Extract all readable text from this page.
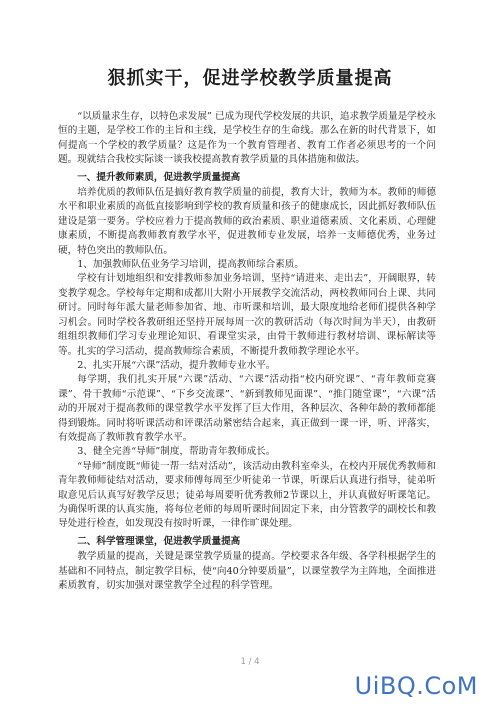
狠抓实干，促进学校教学质量提高

“以质量求生存，以特色求发展” 已成为现代学校发展的共识，追求教学质量是学校永恒的主题，是学校工作的主旨和主线，是学校生存的生命线。那么在新的时代背景下，如何提高一个学校的教学质量？这是作为一个教育管理者、教育工作者必须思考的一个问题。现就结合我校实际谈一谈我校提高教育教学质量的具体措施和做法。

一、提升教师素质，促进教学质量提高

培养优质的教师队伍是搞好教育教学质量的前提，教育大计，教师为本。教师的师德水平和职业素质的高低直接影响到学校的教育质量和孩子的健康成长，因此抓好教师队伍建设是第一要务。学校应着力于提高教师的政治素质、职业道德素质、文化素质、心理健康素质，不断提高教师教育教学水平，促进教师专业发展，培养一支师德优秀，业务过硬，特色突出的教师队伍。

1、加强教师队伍业务学习培训，提高教师综合素质。

学校有计划地组织和安排教师参加业务培训，坚持“请进来、走出去”，开阔眼界，转变教学观念。学校每年定期和成都川大附小开展教学交流活动，两校教师同台上课、共同研讨。同时每年派大量老师参加省、地、市听课和培训，最大限度地给老师们提供各种学习机会。同时学校各教研组还坚持开展每周一次的教研活动（每次时间为半天），由教研组组织教师们学习专业理论知识、看课堂实录，由骨干教师进行教材培训、课标解读等等。扎实的学习活动，提高教师综合素质，不断提升教师教学理论水平。

2、扎实开展“六课”活动，提升教师专业水平。

每学期，我们扎实开展“六课”活动、“六课”活动指“校内研究课”、“青年教师竞赛课”、骨干教师“示范课”、“下乡交流课”、“新到教师见面课”、“推门随堂课”，“六课”活动的开展对于提高教师的课堂教学水平发挥了巨大作用，各种层次、各种年龄的教师都能得到锻炼。同时将听课活动和评课活动紧密结合起来，真正做到一课一评，听、评落实，有效提高了教师教育教学水平。

3、健全完善“导师”制度，帮助青年教师成长。

“导师”制度既“师徒一帮一结对活动”，该活动由教科室牵头，在校内开展优秀教师和青年教师师徒结对活动，要求师傅每周至少听徒弟一节课，听课后认真进行指导，徒弟听取意见后认真写好教学反思；徒弟每周要听优秀教师2节课以上，并认真做好听课笔记。为确保听课的认真实施，将每位老师的每周听课时间固定下来，由分管教学的副校长和教导处进行检查，如发现没有按时听课，一律作旷课处理。

二、科学管理课堂，促进教学质量提高

教学质量的提高，关键是课堂教学质量的提高。学校要求各年级、各学科根据学生的基础和不同特点，制定教学目标，使“向40分钟要质量”，以课堂教学为主阵地，全面推进素质教育，切实加强对课堂教学全过程的科学管理。

1 / 4
UiBQ.CoM
